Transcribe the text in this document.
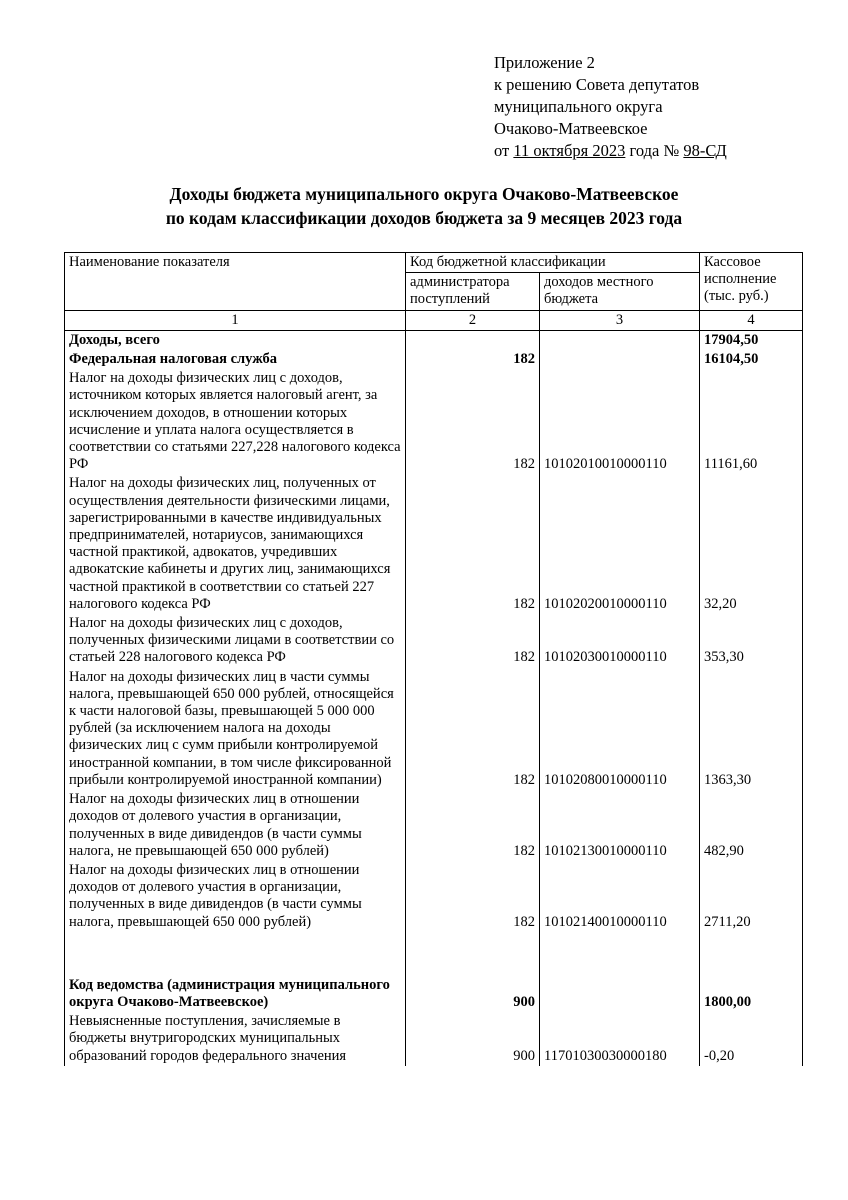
Приложение 2
к решению Совета депутатов
муниципального округа
Очаково-Матвеевское
от 11 октября 2023 года № 98-СД
Доходы бюджета муниципального округа Очаково-Матвеевское
по кодам классификации доходов бюджета за 9 месяцев 2023 года
Наименование показателя	Код бюджетной классификации		Кассовое исполнение (тыс. руб.)
	администратора поступлений	доходов местного бюджета	
1	2	3	4
Доходы, всего			17904,50
Федеральная налоговая служба	182		16104,50
Налог на доходы физических лиц с доходов, источником которых является налоговый агент, за исключением доходов, в отношении которых исчисление и уплата налога осуществляется в соответствии со статьями 227,228 налогового кодекса РФ	182	10102010010000110	11161,60
Налог на доходы физических лиц, полученных от осуществления деятельности физическими лицами, зарегистрированными в качестве индивидуальных предпринимателей, нотариусов, занимающихся частной практикой, адвокатов, учредивших адвокатские кабинеты и других лиц, занимающихся частной практикой в соответствии со статьей 227 налогового кодекса РФ	182	10102020010000110	32,20
Налог на доходы физических лиц с доходов, полученных физическими лицами в соответствии со статьей 228 налогового кодекса РФ	182	10102030010000110	353,30
Налог на доходы физических лиц в части суммы налога, превышающей 650 000 рублей, относящейся к части налоговой базы, превышающей 5 000 000 рублей (за исключением налога на доходы физических лиц с сумм прибыли контролируемой иностранной компании, в том числе фиксированной прибыли контролируемой иностранной компании)	182	10102080010000110	1363,30
Налог на доходы физических лиц в отношении доходов от долевого участия в организации, полученных в виде дивидендов (в части суммы налога, не превышающей 650 000 рублей)	182	10102130010000110	482,90
Налог на доходы физических лиц в отношении доходов от долевого участия в организации, полученных в виде дивидендов (в части суммы налога, превышающей 650 000 рублей)	182	10102140010000110	2711,20

Код ведомства (администрация муниципального округа Очаково-Матвеевское)	900		1800,00
Невыясненные поступления, зачисляемые в бюджеты внутригородских муниципальных образований городов федерального значения	900	11701030030000180	-0,20
